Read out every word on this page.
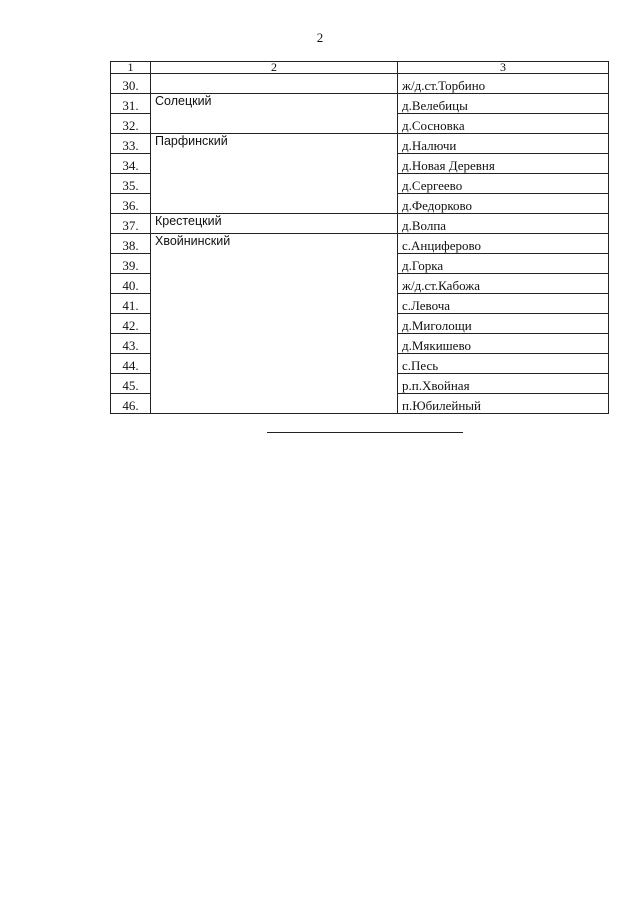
2
1	2	3
30.		ж/д.ст.Торбино
31.	Солецкий	д.Велебицы
32.		д.Сосновка
33.	Парфинский	д.Налючи
34.		д.Новая Деревня
35.		д.Сергеево
36.		д.Федорково
37.	Крестецкий	д.Волпа
38.	Хвойнинский	с.Анциферово
39.		д.Горка
40.		ж/д.ст.Кабожа
41.		с.Левоча
42.		д.Миголощи
43.		д.Мякишево
44.		с.Песь
45.		р.п.Хвойная
46.		п.Юбилейный
